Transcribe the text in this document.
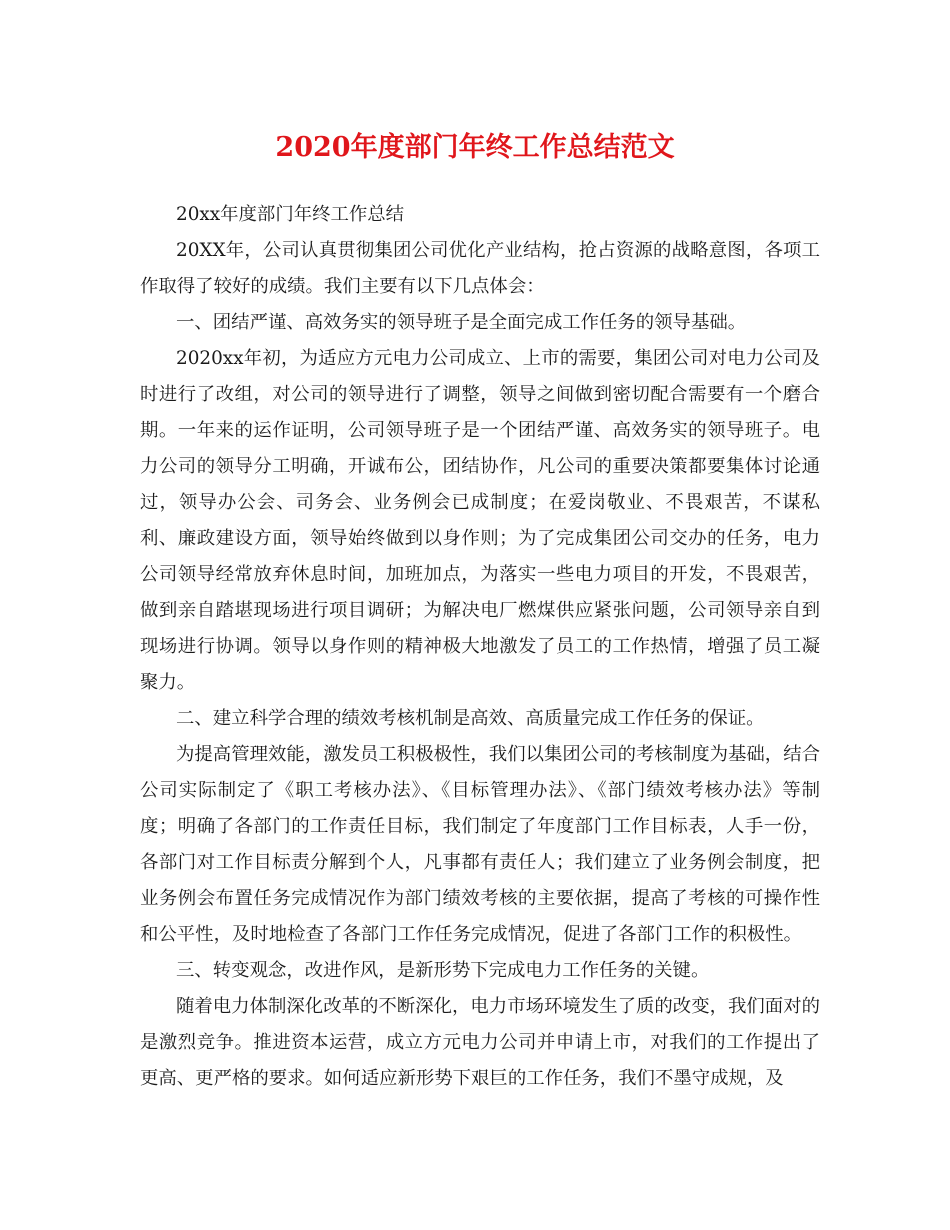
2020年度部门年终工作总结范文

20xx年度部门年终工作总结

20XX年，公司认真贯彻集团公司优化产业结构，抢占资源的战略意图，各项工作取得了较好的成绩。我们主要有以下几点体会：

一、团结严谨、高效务实的领导班子是全面完成工作任务的领导基础。

2020xx年初，为适应方元电力公司成立、上市的需要，集团公司对电力公司及时进行了改组，对公司的领导进行了调整，领导之间做到密切配合需要有一个磨合期。一年来的运作证明，公司领导班子是一个团结严谨、高效务实的领导班子。电力公司的领导分工明确，开诚布公，团结协作，凡公司的重要决策都要集体讨论通过，领导办公会、司务会、业务例会已成制度；在爱岗敬业、不畏艰苦，不谋私利、廉政建设方面，领导始终做到以身作则；为了完成集团公司交办的任务，电力公司领导经常放弃休息时间，加班加点，为落实一些电力项目的开发，不畏艰苦，做到亲自踏堪现场进行项目调研；为解决电厂燃煤供应紧张问题，公司领导亲自到现场进行协调。领导以身作则的精神极大地激发了员工的工作热情，增强了员工凝聚力。

二、建立科学合理的绩效考核机制是高效、高质量完成工作任务的保证。

为提高管理效能，激发员工积极极性，我们以集团公司的考核制度为基础，结合公司实际制定了《职工考核办法》、《目标管理办法》、《部门绩效考核办法》等制度；明确了各部门的工作责任目标，我们制定了年度部门工作目标表，人手一份，各部门对工作目标责分解到个人，凡事都有责任人；我们建立了业务例会制度，把业务例会布置任务完成情况作为部门绩效考核的主要依据，提高了考核的可操作性和公平性，及时地检查了各部门工作任务完成情况，促进了各部门工作的积极性。

三、转变观念，改进作风，是新形势下完成电力工作任务的关键。

随着电力体制深化改革的不断深化，电力市场环境发生了质的改变，我们面对的是激烈竞争。推进资本运营，成立方元电力公司并申请上市，对我们的工作提出了更高、更严格的要求。如何适应新形势下艰巨的工作任务，我们不墨守成规，及
